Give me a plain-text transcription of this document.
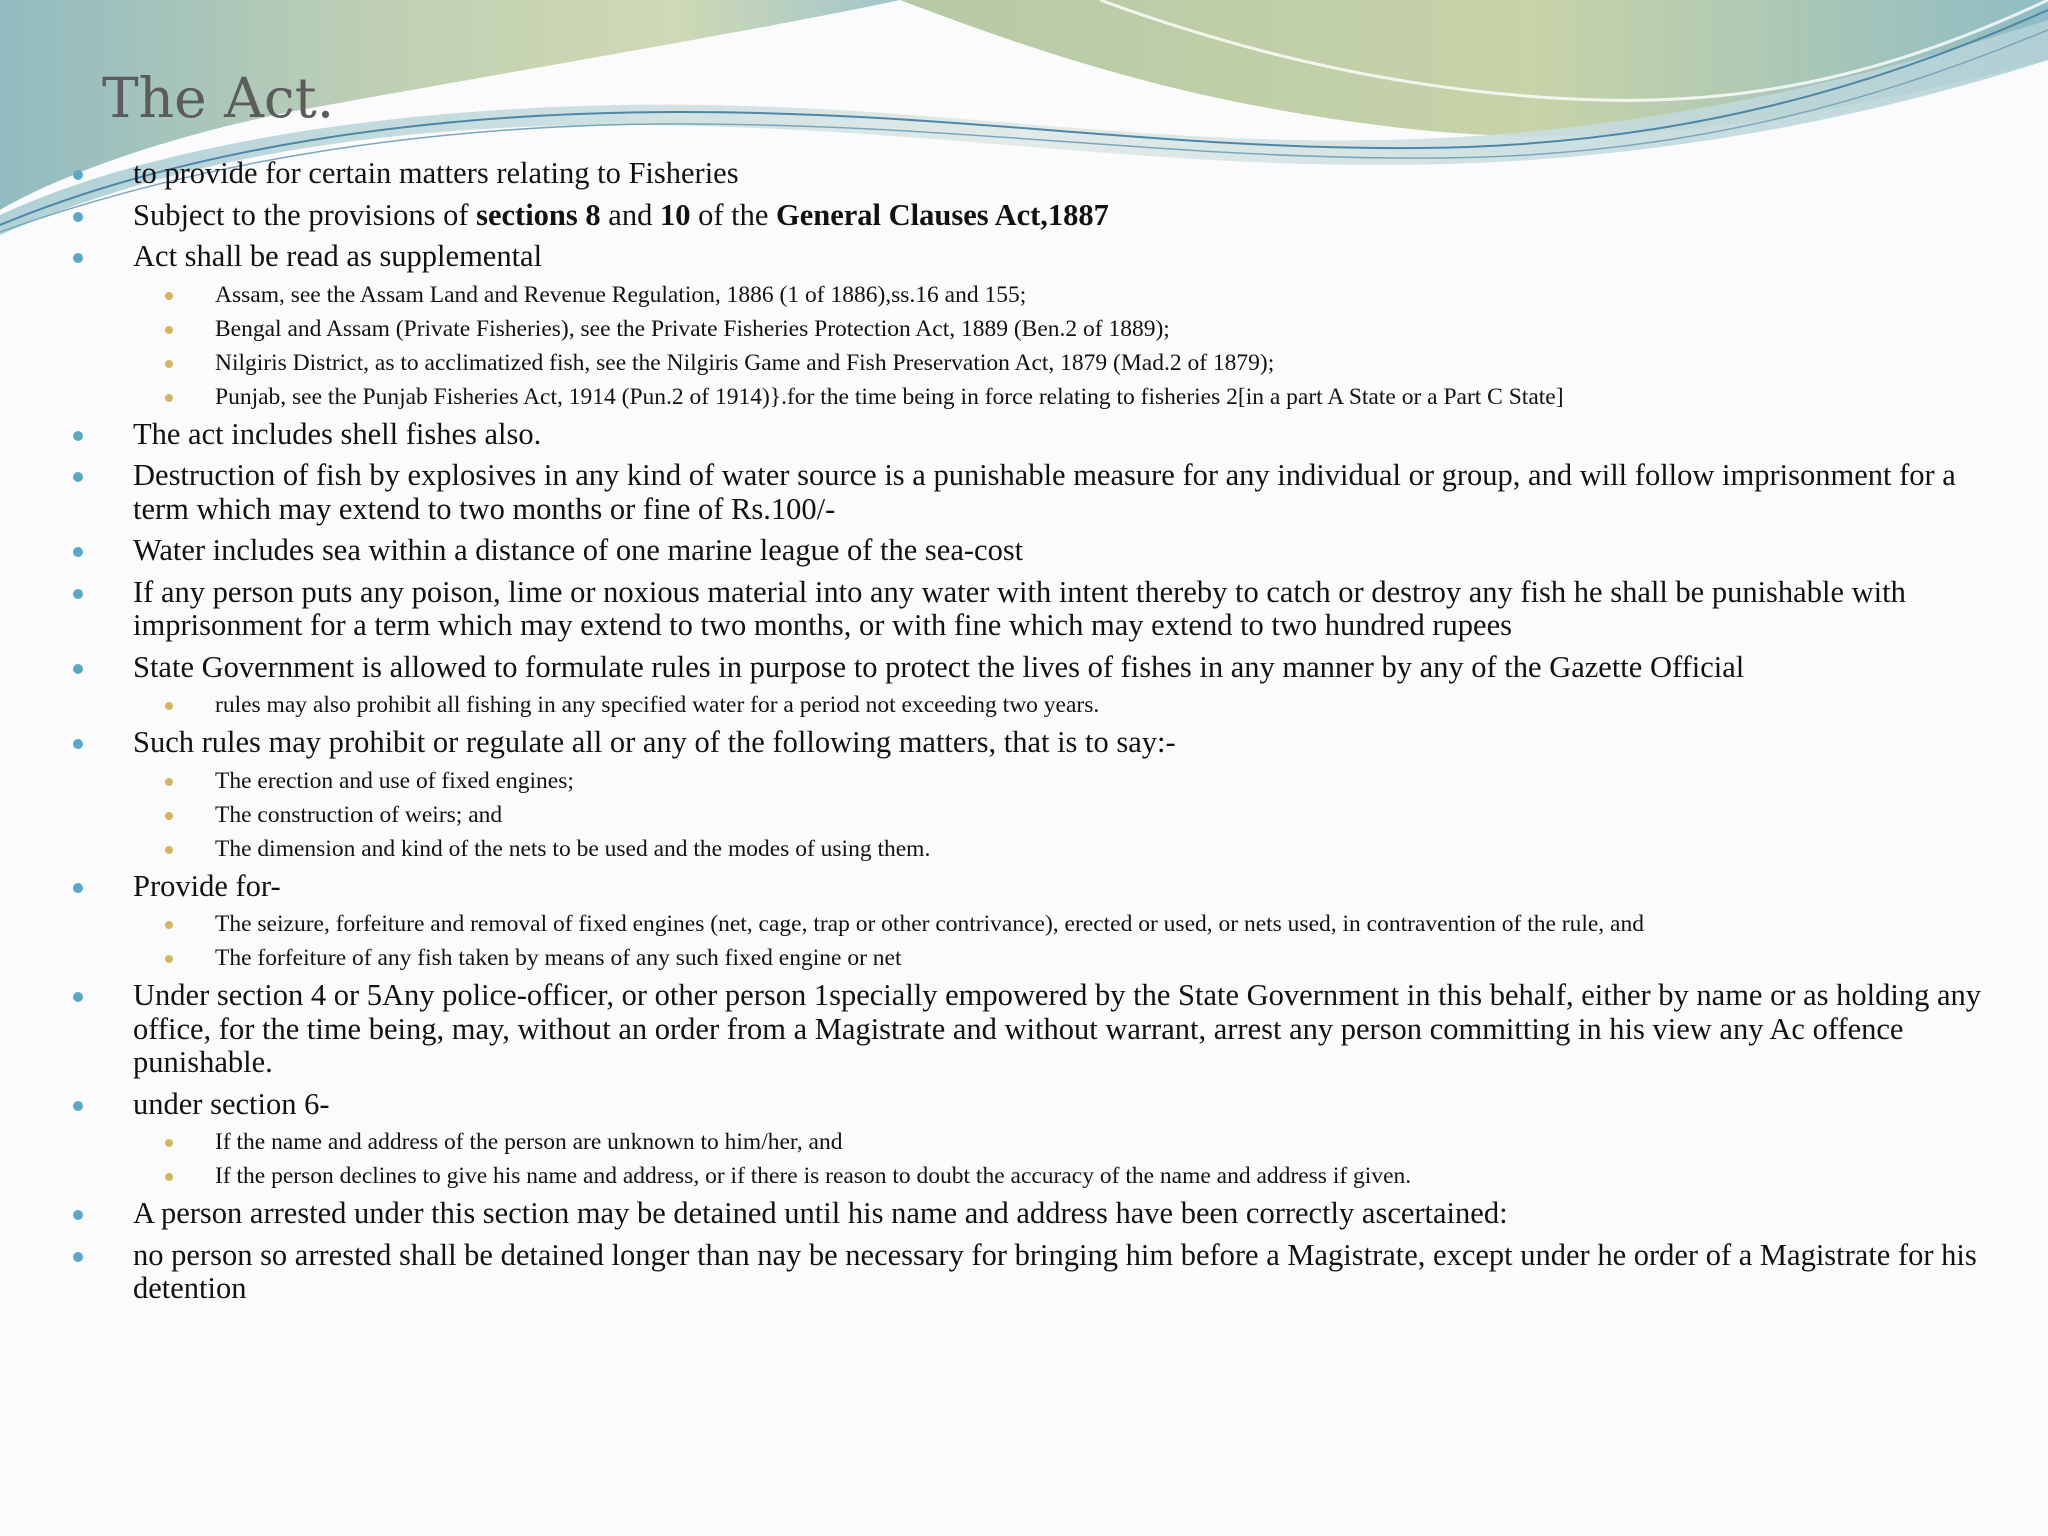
The Act.
to provide for certain matters relating to Fisheries
Subject to the provisions of sections 8 and 10 of the General Clauses Act,1887
Act shall be read as supplemental
Assam, see the Assam Land and Revenue Regulation, 1886 (1 of 1886),ss.16 and 155;
Bengal and Assam (Private Fisheries), see the Private Fisheries Protection Act, 1889 (Ben.2 of 1889);
Nilgiris District, as to acclimatized fish, see the Nilgiris Game and Fish Preservation Act, 1879 (Mad.2 of 1879);
Punjab, see the Punjab Fisheries Act, 1914 (Pun.2 of 1914)}.for the time being in force relating to fisheries 2[in a part A State or a Part C State]
The act includes shell fishes also.
Destruction of fish by explosives in any kind of water source is a punishable measure for any individual or group, and will follow imprisonment for a term which may extend to two months or fine of Rs.100/-
Water includes sea within a distance of one marine league of the sea-cost
If any person puts any poison, lime or noxious material into any water with intent thereby to catch or destroy any fish he shall be punishable with imprisonment for a term which may extend to two months, or with fine which may extend to two hundred rupees
State Government is allowed to formulate rules in purpose to protect the lives of fishes in any manner by any of the Gazette Official
rules may also prohibit all fishing in any specified water for a period not exceeding two years.
Such rules may prohibit or regulate all or any of the following matters, that is to say:-
The erection and use of fixed engines;
The construction of weirs; and
The dimension and kind of the nets to be used and the modes of using them.
Provide for-
The seizure, forfeiture and removal of fixed engines (net, cage, trap or other contrivance), erected or used, or nets used, in contravention of the rule, and
The forfeiture of any fish taken by means of any such fixed engine or net
Under section 4 or 5Any police-officer, or other person 1specially empowered by the State Government in this behalf, either by name or as holding any office, for the time being, may, without an order from a Magistrate and without warrant, arrest any person committing in his view any Ac offence punishable.
under section 6-
If the name and address of the person are unknown to him/her, and
If the person declines to give his name and address, or if there is reason to doubt the accuracy of the name and address if given.
A person arrested under this section may be detained until his name and address have been correctly ascertained:
no person so arrested shall be detained longer than nay be necessary for bringing him before a Magistrate, except under he order of a Magistrate for his detention
